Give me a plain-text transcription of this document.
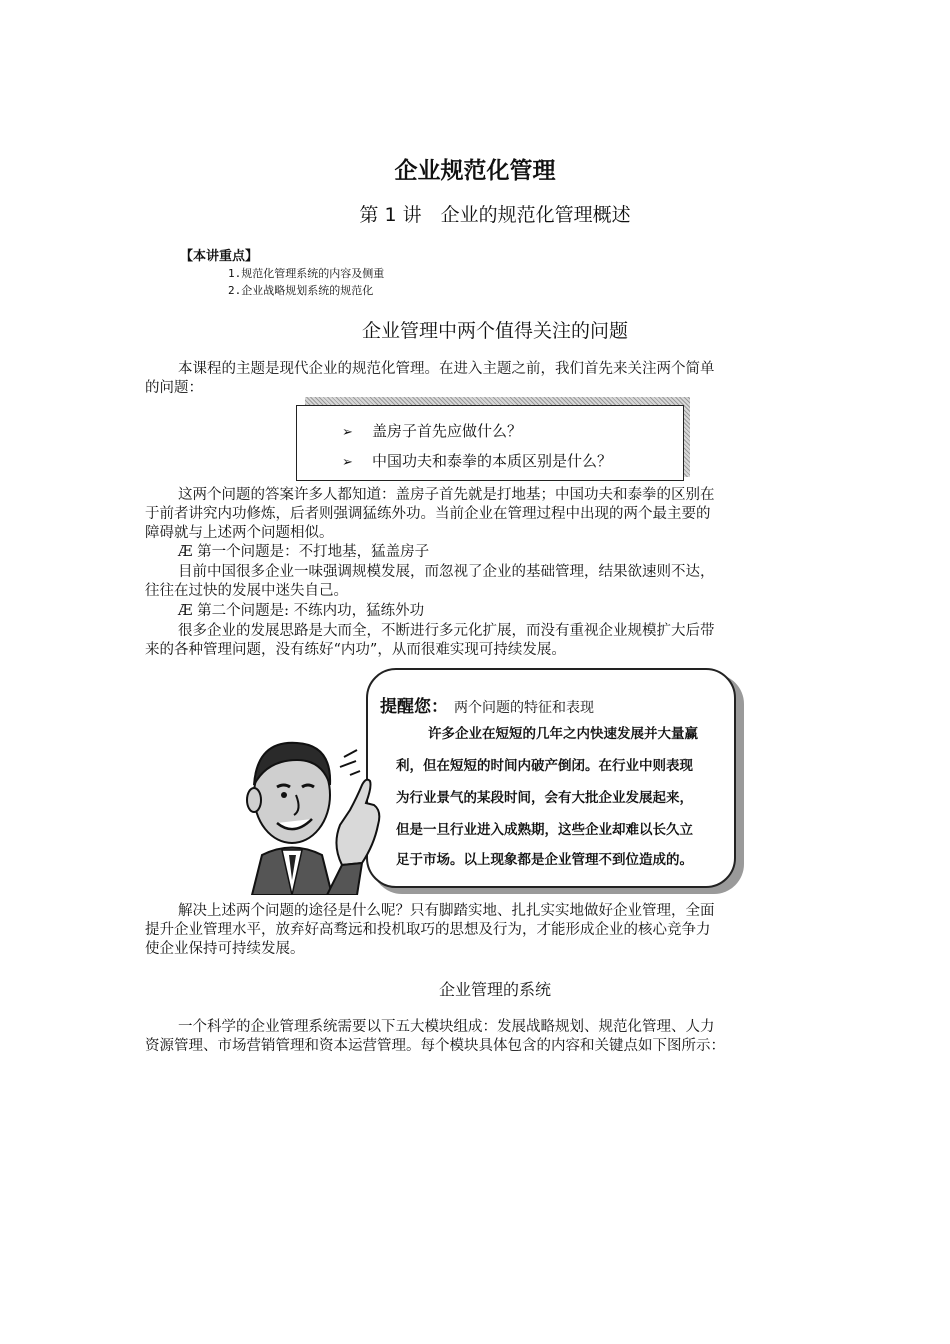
企业规范化管理
第 1 讲　企业的规范化管理概述
【本讲重点】
1.规范化管理系统的内容及侧重
2.企业战略规划系统的规范化
企业管理中两个值得关注的问题
本课程的主题是现代企业的规范化管理。在进入主题之前，我们首先来关注两个简单
的问题：
➢ 盖房子首先应做什么？
➢ 中国功夫和泰拳的本质区别是什么？
这两个问题的答案许多人都知道：盖房子首先就是打地基；中国功夫和泰拳的区别在
于前者讲究内功修炼，后者则强调猛练外功。当前企业在管理过程中出现的两个最主要的
障碍就与上述两个问题相似。
Æ 第一个问题是：不打地基，猛盖房子
目前中国很多企业一味强调规模发展，而忽视了企业的基础管理，结果欲速则不达，
往往在过快的发展中迷失自己。
Æ 第二个问题是: 不练内功，猛练外功
很多企业的发展思路是大而全，不断进行多元化扩展，而没有重视企业规模扩大后带
来的各种管理问题，没有练好“内功”，从而很难实现可持续发展。
提醒您： 两个问题的特征和表现
许多企业在短短的几年之内快速发展并大量赢
利，但在短短的时间内破产倒闭。在行业中则表现
为行业景气的某段时间，会有大批企业发展起来，
但是一旦行业进入成熟期，这些企业却难以长久立
足于市场。以上现象都是企业管理不到位造成的。
解决上述两个问题的途径是什么呢？只有脚踏实地、扎扎实实地做好企业管理，全面
提升企业管理水平，放弃好高骛远和投机取巧的思想及行为，才能形成企业的核心竞争力
使企业保持可持续发展。
企业管理的系统
一个科学的企业管理系统需要以下五大模块组成：发展战略规划、规范化管理、人力
资源管理、市场营销管理和资本运营管理。每个模块具体包含的内容和关键点如下图所示：
